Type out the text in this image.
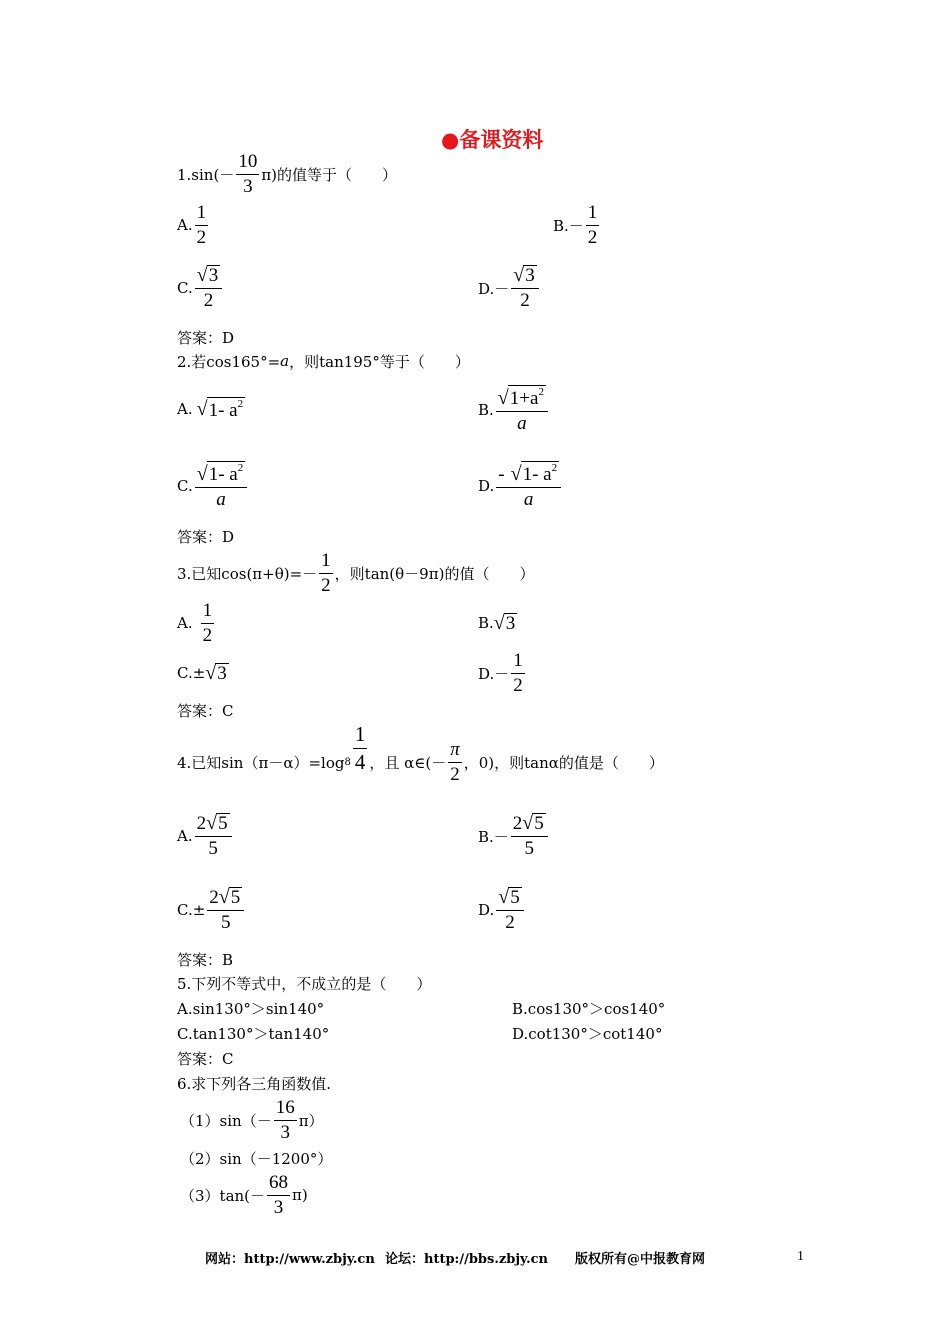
●备课资料
$1.\sin(- \frac{10}{3} \pi)$的值等于（　　）
A. $\frac{1}{2}$	$B.- \frac{1}{2}$
C. $\frac{√ 3}{2}$	$D.- \frac{√ 3}{2}$
答案：D
2.若cos165°= a ，则tan195°等于（　　）
A. √ 1- $a^2$	B. $\frac{√ 1+a^2}{a}$
C. $\frac{√ 1- a^2}{a}$	D. $\frac{- √ 1- a^2}{a}$
答案：D
3.已知$\cos(\pi+\theta)=- \frac{1}{2}$ ，则tan(θ－9π)的值（　　）
A. $\frac{1}{2}$	B. √ 3
C.± √ 3	$D.- \frac{1}{2}$
答案：C
4.已知sin（π－α）=log $8 \frac{1}{4}$ ，且 α∈(－ $\frac{\pi}{2}$ ，0)，则tanα的值是（　　）
A. $\frac{2 √ 5}{5}$	$B.- \frac{2 √ 5}{5}$
$C.\pm \frac{2 √ 5}{5}$	D. $\frac{√ 5}{2}$
答案：B
5.下列不等式中，不成立的是（　　）
A.sin130°＞sin140°	B.cos130°＞cos140°
C.tan130°＞tan140°	D.cot130°＞cot140°
答案：C
6.求下列各三角函数值.
$(1)\sin(- \frac{16}{3} \pi)$
（2）sin（－1200°）
$(3)\tan(- \frac{68}{3} \pi)$
网站：http://www.zbjy.cn 论坛：http://bbs.zbjy.cn 版权所有@中报教育网	1
